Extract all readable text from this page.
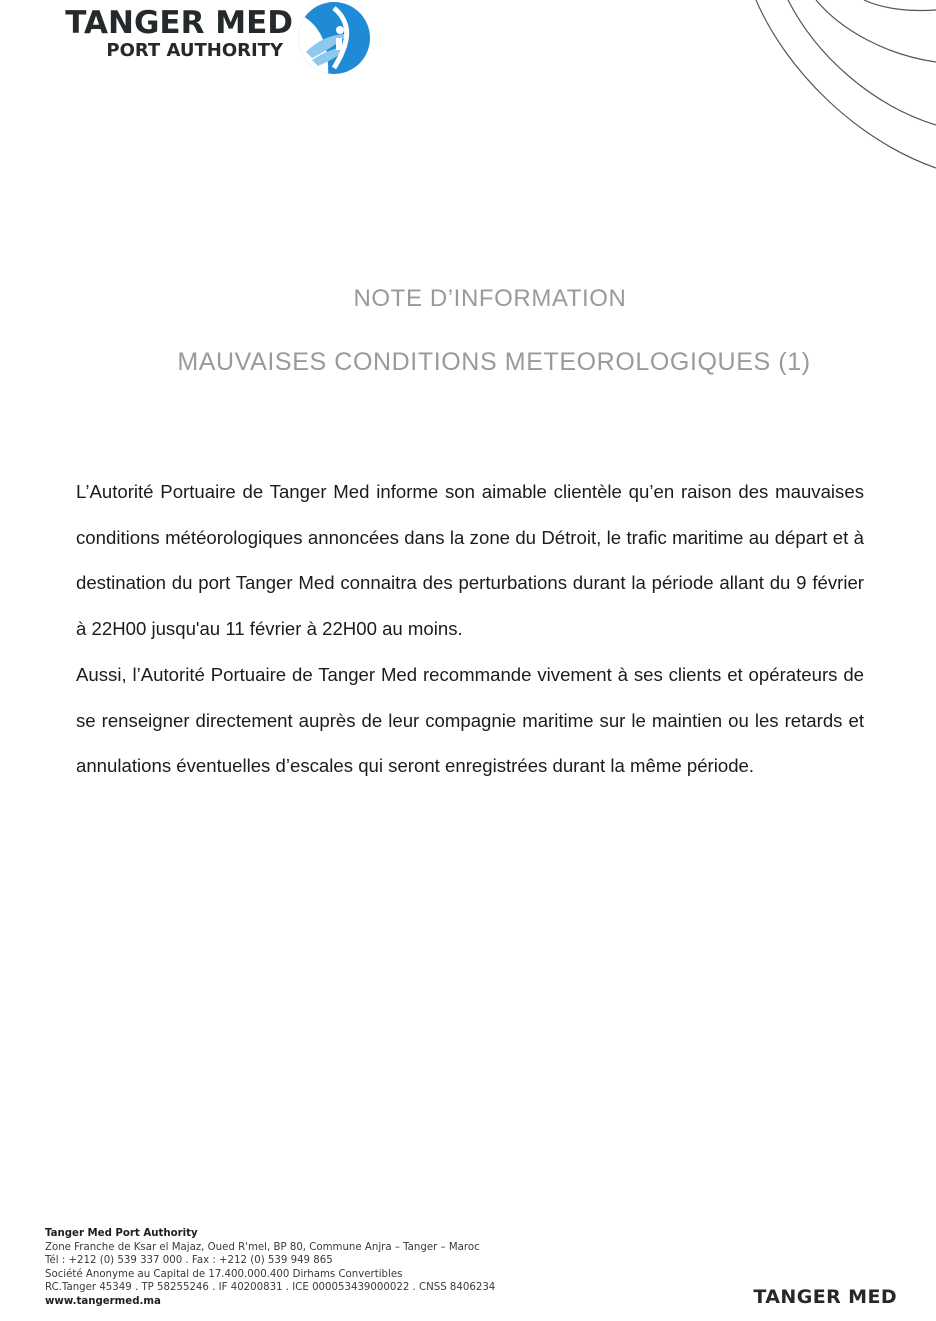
TANGER MED
PORT AUTHORITY
NOTE D’INFORMATION
MAUVAISES CONDITIONS METEOROLOGIQUES (1)

L’Autorité Portuaire de Tanger Med informe son aimable clientèle qu’en raison des mauvaises conditions météorologiques annoncées dans la zone du Détroit, le trafic maritime au départ et à destination du port Tanger Med connaitra des perturbations durant la période allant du 9 février à 22H00 jusqu'au 11 février à 22H00 au moins.

Aussi, l’Autorité Portuaire de Tanger Med recommande vivement à ses clients et opérateurs de se renseigner directement auprès de leur compagnie maritime sur le maintien ou les retards et annulations éventuelles d’escales qui seront enregistrées durant la même période.

Tanger Med Port Authority
Zone Franche de Ksar el Majaz, Oued R'mel, BP 80, Commune Anjra – Tanger – Maroc
Tél : +212 (0) 539 337 000 . Fax : +212 (0) 539 949 865
Société Anonyme au Capital de 17.400.000.400 Dirhams Convertibles
RC.Tanger 45349 . TP 58255246 . IF 40200831 . ICE 000053439000022 . CNSS 8406234
www.tangermed.ma	TANGER MED
